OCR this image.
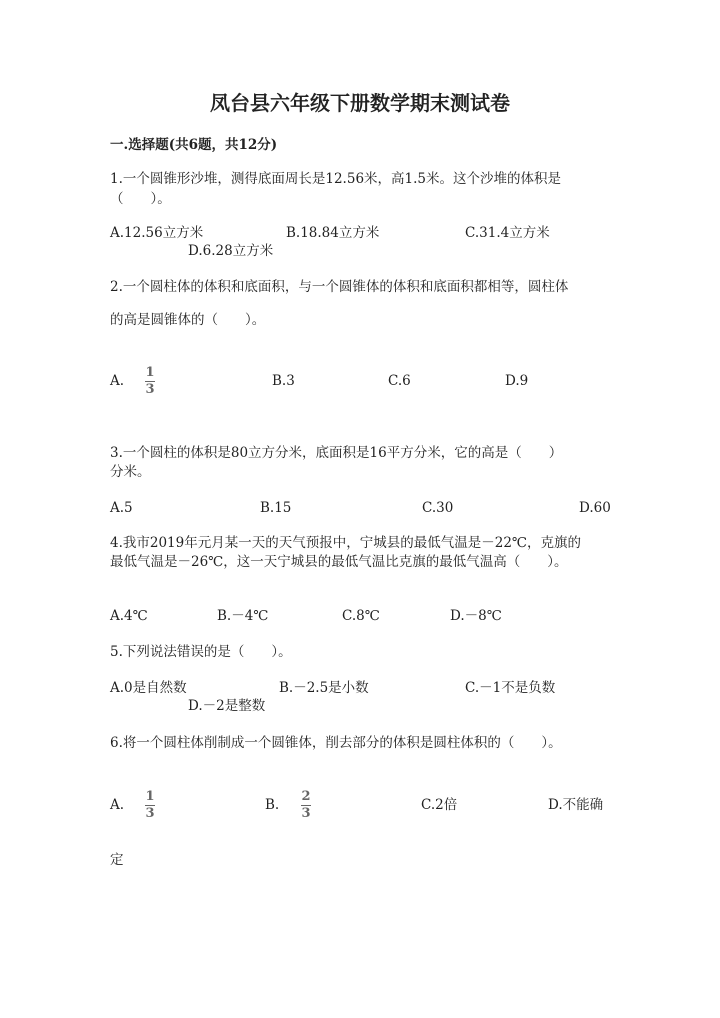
凤台县六年级下册数学期末测试卷
一.选择题(共6题，共12分)
1.一个圆锥形沙堆，测得底面周长是12.56米，高1.5米。这个沙堆的体积是
（　　）。
A.12.56立方米	B.18.84立方米	C.31.4立方米
D.6.28立方米
2.一个圆柱体的体积和底面积，与一个圆锥体的体积和底面积都相等，圆柱体
的高是圆锥体的（　　）。
A.
1
3
B.3	C.6	D.9
3.一个圆柱的体积是80立方分米，底面积是16平方分米，它的高是（　　）
分米。
A.5	B.15	C.30	D.60
4.我市2019年元月某一天的天气预报中，宁城县的最低气温是－22℃，克旗的
最低气温是－26℃，这一天宁城县的最低气温比克旗的最低气温高（　　）。
A.4℃	B.－4℃	C.8℃	D.－8℃
5.下列说法错误的是（　　）。
A.0是自然数	B.－2.5是小数	C.－1不是负数
D.－2是整数
6.将一个圆柱体削制成一个圆锥体，削去部分的体积是圆柱体积的（　　）。
A.
1
3
B.
2
3
C.2倍	D.不能确
定
